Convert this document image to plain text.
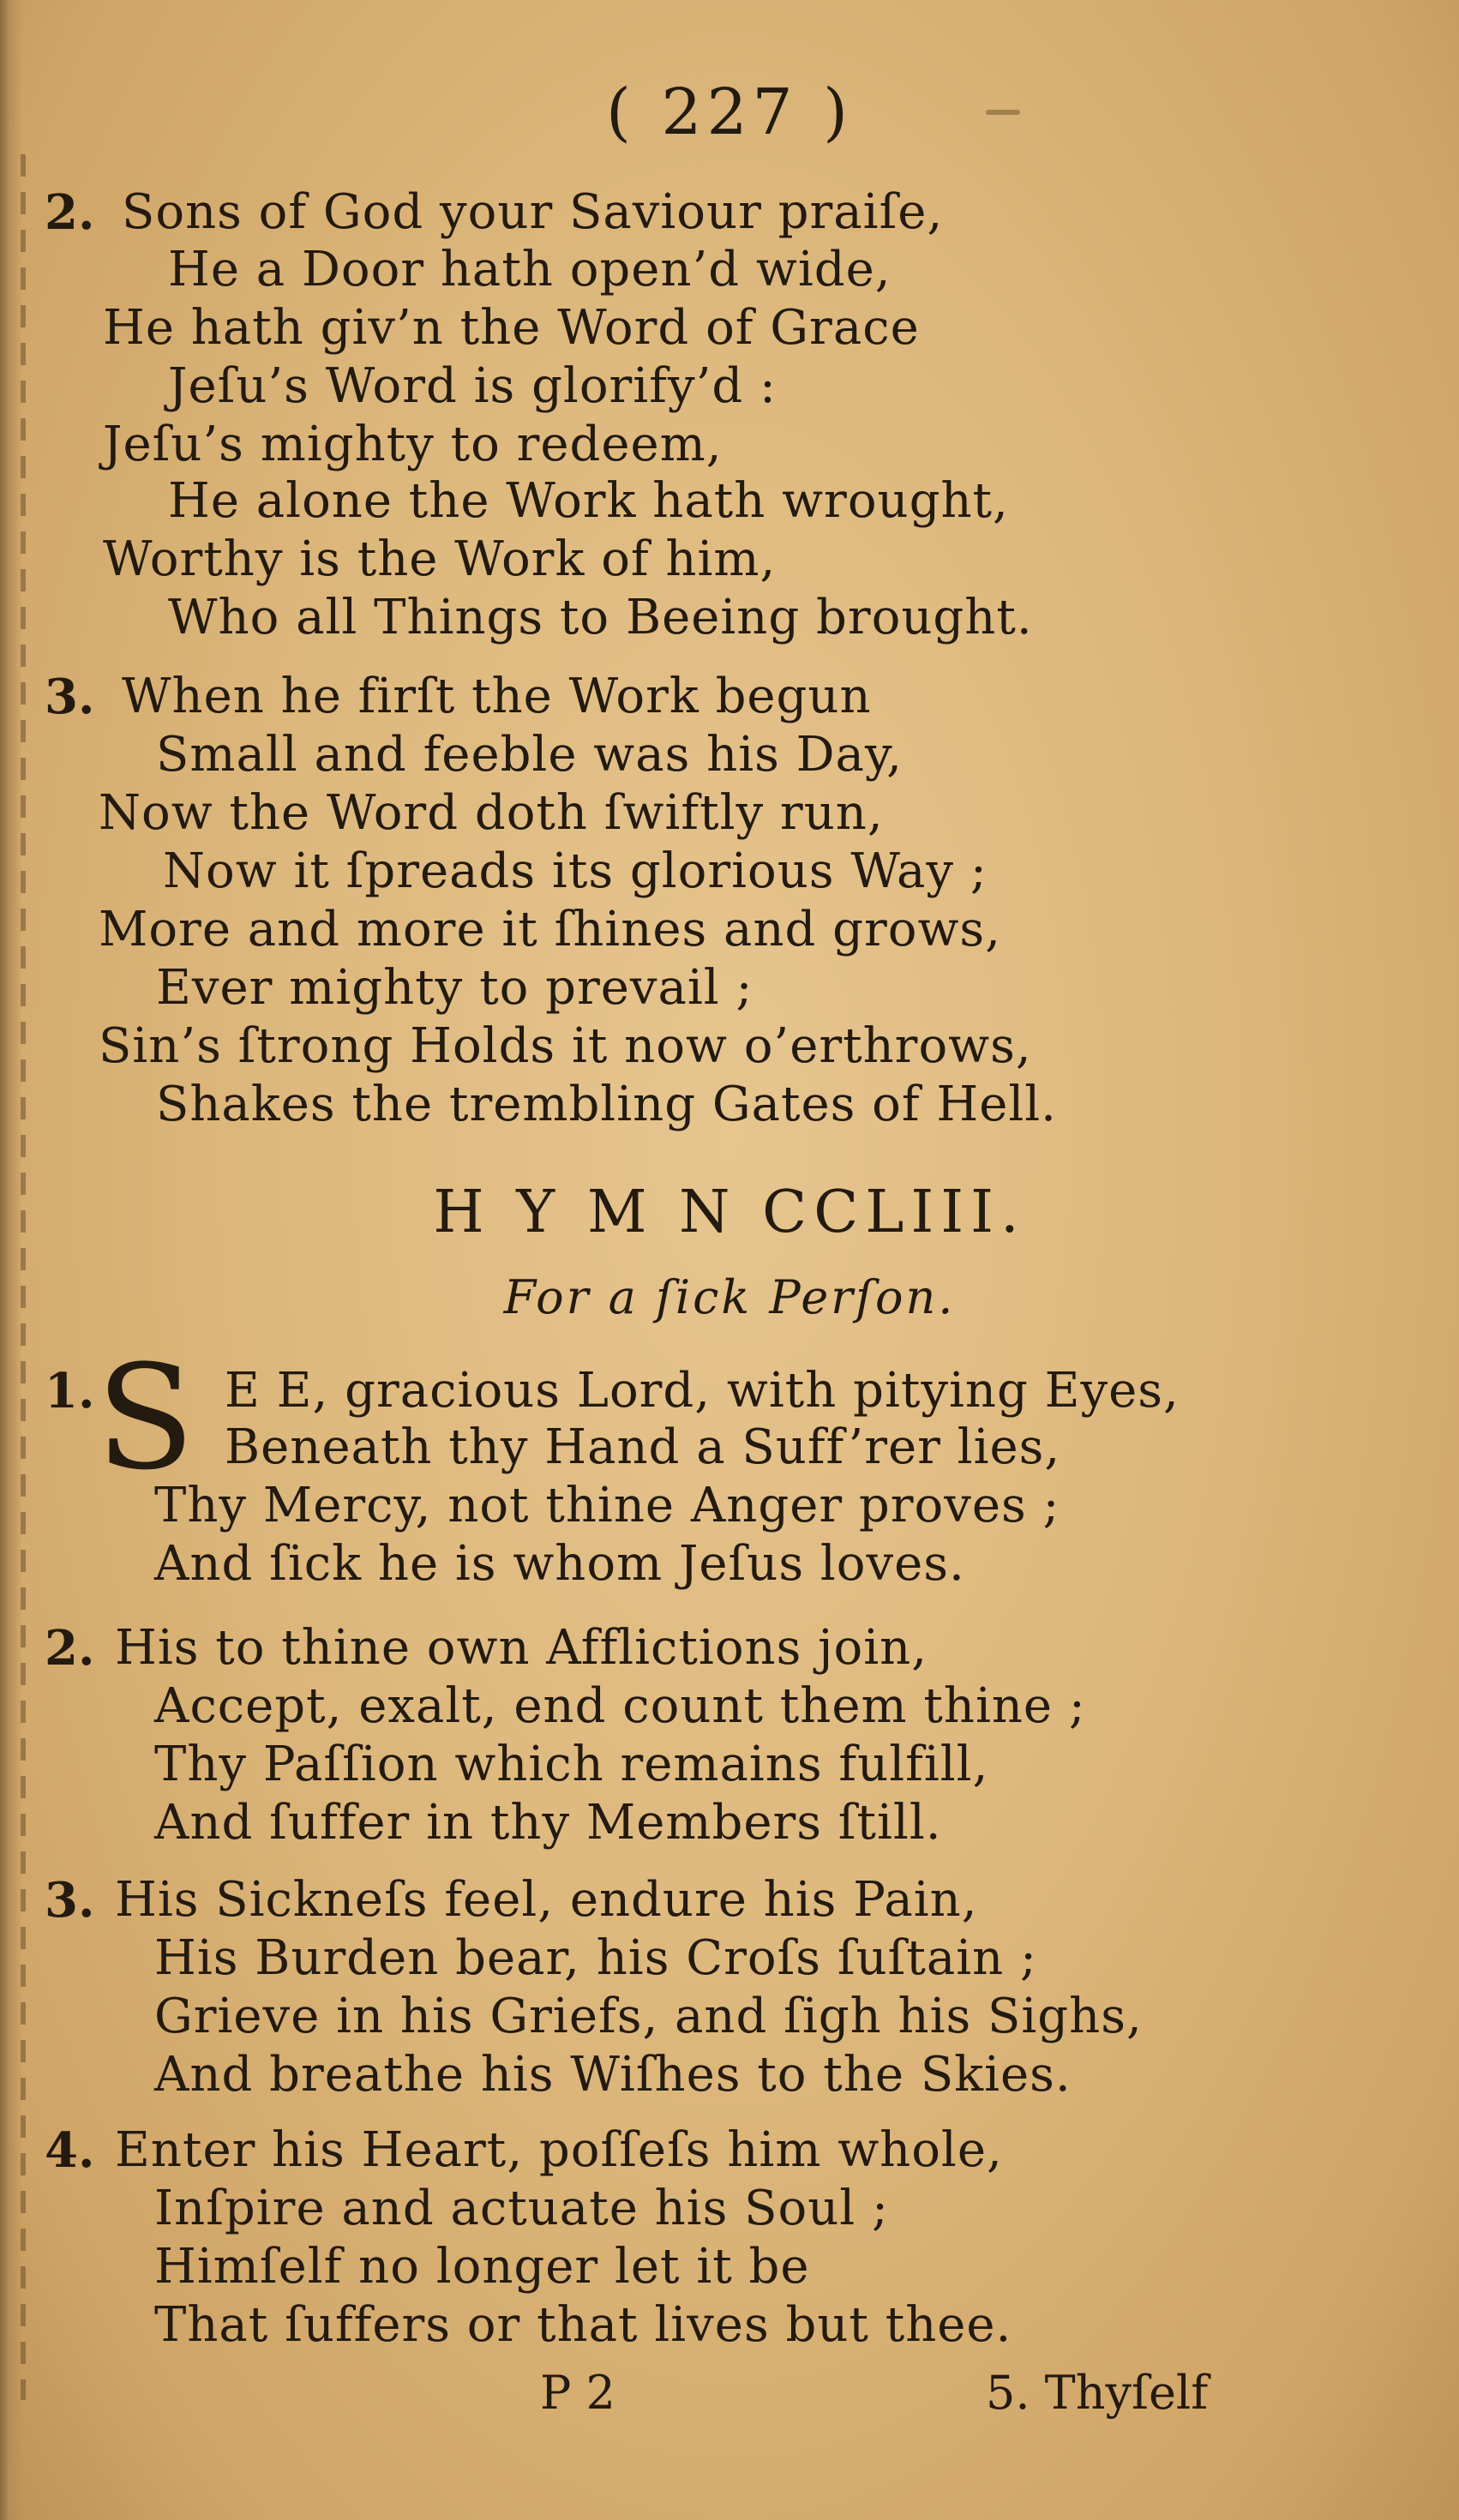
( 227 )
2. Sons of God your Saviour praiſe,
He a Door hath open’d wide,
He hath giv’n the Word of Grace
Jeſu’s Word is glorify’d :
Jeſu’s mighty to redeem,
He alone the Work hath wrought,
Worthy is the Work of him,
Who all Things to Beeing brought.
3. When he firſt the Work begun
Small and feeble was his Day,
Now the Word doth ſwiftly run,
Now it ſpreads its glorious Way ;
More and more it ſhines and grows,
Ever mighty to prevail ;
Sin’s ſtrong Holds it now o’erthrows,
Shakes the trembling Gates of Hell.
H Y M N CCLIII.
For a ſick Perſon.
1. S E E, gracious Lord, with pitying Eyes,
Beneath thy Hand a Suff’rer lies,
Thy Mercy, not thine Anger proves ;
And ſick he is whom Jeſus loves.
2. His to thine own Afflictions join,
Accept, exalt, end count them thine ;
Thy Paſſion which remains fulfill,
And ſuffer in thy Members ſtill.
3. His Sickneſs feel, endure his Pain,
His Burden bear, his Croſs ſuſtain ;
Grieve in his Griefs, and ſigh his Sighs,
And breathe his Wiſhes to the Skies.
4. Enter his Heart, poſſeſs him whole,
Inſpire and actuate his Soul ;
Himſelf no longer let it be
That ſuffers or that lives but thee.
P 2	5. Thyſelf
